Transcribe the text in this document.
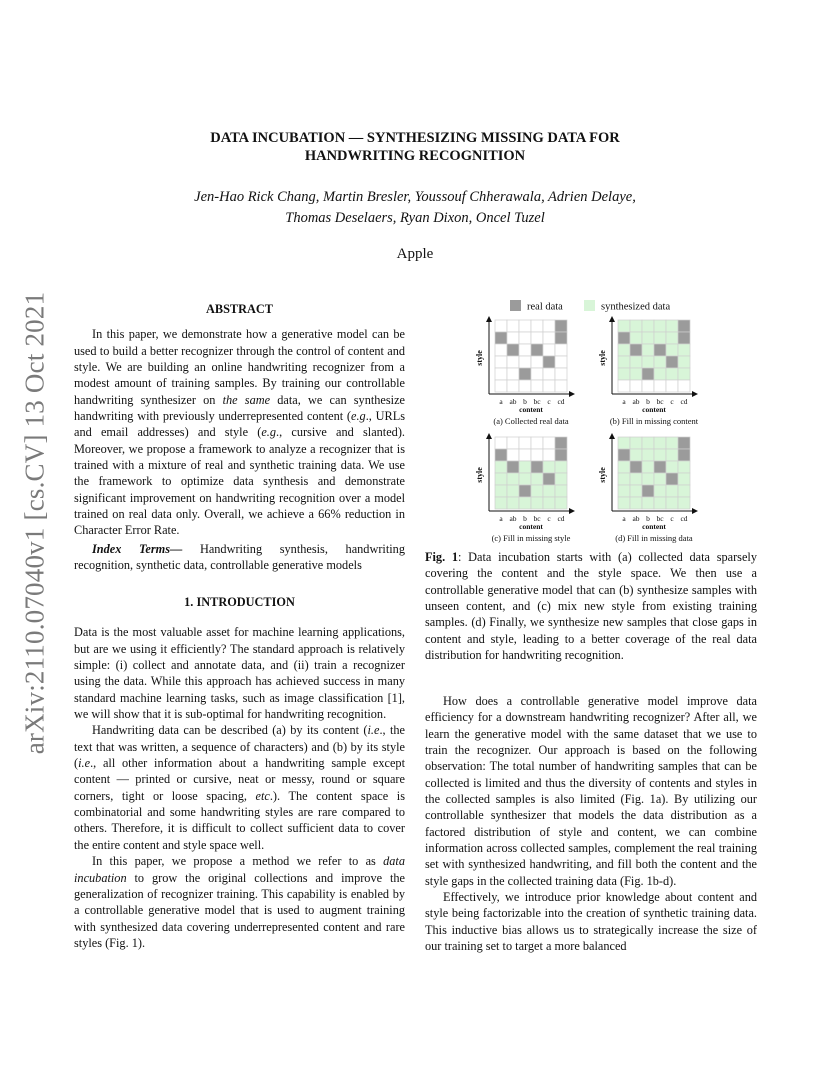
arXiv:2110.07040v1 [cs.CV] 13 Oct 2021
DATA INCUBATION — SYNTHESIZING MISSING DATA FOR
HANDWRITING RECOGNITION
Jen-Hao Rick Chang, Martin Bresler, Youssouf Chherawala, Adrien Delaye,
Thomas Deselaers, Ryan Dixon, Oncel Tuzel
Apple
ABSTRACT

In this paper, we demonstrate how a generative model can be used to build a better recognizer through the control of content and style. We are building an online handwriting recognizer from a modest amount of training samples. By training our controllable handwriting synthesizer on the same data, we can synthesize handwriting with previously underrepresented content (e.g., URLs and email addresses) and style (e.g., cursive and slanted). Moreover, we propose a framework to analyze a recognizer that is trained with a mixture of real and synthetic training data. We use the framework to optimize data synthesis and demonstrate significant improvement on handwriting recognition over a model trained on real data only. Overall, we achieve a 66% reduction in Character Error Rate.

Index Terms— Handwriting synthesis, handwriting recognition, synthetic data, controllable generative models

1. INTRODUCTION

Data is the most valuable asset for machine learning applications, but are we using it efficiently? The standard approach is relatively simple: (i) collect and annotate data, and (ii) train a recognizer using the data. While this approach has achieved success in many standard machine learning tasks, such as image classification [1], we will show that it is sub-optimal for handwriting recognition.

Handwriting data can be described (a) by its content (i.e., the text that was written, a sequence of characters) and (b) by its style (i.e., all other information about a handwriting sample except content — printed or cursive, neat or messy, round or square corners, tight or loose spacing, etc.). The content space is combinatorial and some handwriting styles are rare compared to others. Therefore, it is difficult to collect sufficient data to cover the entire content and style space well.

In this paper, we propose a method we refer to as data incubation to grow the original collections and improve the generalization of recognizer training. This capability is enabled by a controllable generative model that is used to augment training with synthesized data covering underrepresented content and rare styles (Fig. 1).

real data	synthesized data
style
a ab b bc c cd
content
(a) Collected real data
style
a ab b bc c cd
content
(b) Fill in missing content
style
a ab b bc c cd
content
(c) Fill in missing style
style
a ab b bc c cd
content
(d) Fill in missing data

Fig. 1: Data incubation starts with (a) collected data sparsely covering the content and the style space. We then use a controllable generative model that can (b) synthesize samples with unseen content, and (c) mix new style from existing training samples. (d) Finally, we synthesize new samples that close gaps in content and style, leading to a better coverage of the real data distribution for handwriting recognition.

How does a controllable generative model improve data efficiency for a downstream handwriting recognizer? After all, we learn the generative model with the same dataset that we use to train the recognizer. Our approach is based on the following observation: The total number of handwriting samples that can be collected is limited and thus the diversity of contents and styles in the collected samples is also limited (Fig. 1a). By utilizing our controllable synthesizer that models the data distribution as a factored distribution of style and content, we can combine information across collected samples, complement the real training set with synthesized handwriting, and fill both the content and the style gaps in the collected training data (Fig. 1b-d).

Effectively, we introduce prior knowledge about content and style being factorizable into the creation of synthetic training data. This inductive bias allows us to strategically increase the size of our training set to target a more balanced
